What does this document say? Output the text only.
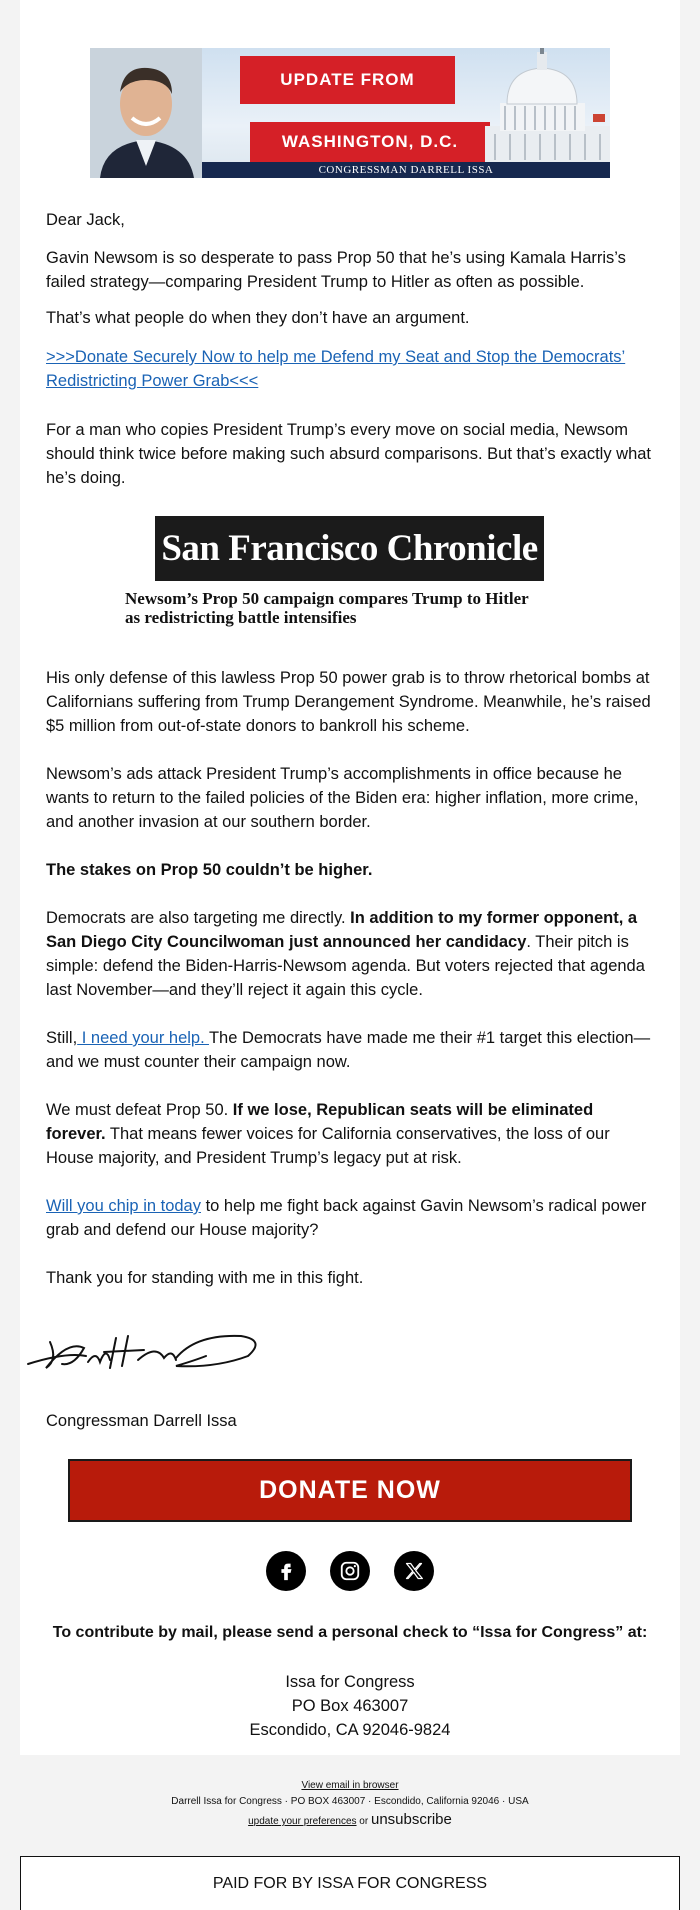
UPDATE FROM
WASHINGTON, D.C.
CONGRESSMAN DARRELL ISSA
Dear Jack,

Gavin Newsom is so desperate to pass Prop 50 that he’s using Kamala Harris’s failed strategy—comparing President Trump to Hitler as often as possible.

That’s what people do when they don’t have an argument.
>>>Donate Securely Now to help me Defend my Seat and Stop the Democrats’ Redistricting Power Grab<<<
For a man who copies President Trump’s every move on social media, Newsom should think twice before making such absurd comparisons. But that’s exactly what he’s doing.
San Francisco Chronicle
Newsom’s Prop 50 campaign compares Trump to Hitler
as redistricting battle intensifies
His only defense of this lawless Prop 50 power grab is to throw rhetorical bombs at Californians suffering from Trump Derangement Syndrome. Meanwhile, he’s raised $5 million from out-of-state donors to bankroll his scheme.
Newsom’s ads attack President Trump’s accomplishments in office because he wants to return to the failed policies of the Biden era: higher inflation, more crime, and another invasion at our southern border.
The stakes on Prop 50 couldn’t be higher.
Democrats are also targeting me directly. In addition to my former opponent, a San Diego City Councilwoman just announced her candidacy. Their pitch is simple: defend the Biden-Harris-Newsom agenda. But voters rejected that agenda last November—and they’ll reject it again this cycle.
Still, I need your help. The Democrats have made me their #1 target this election—and we must counter their campaign now.
We must defeat Prop 50. If we lose, Republican seats will be eliminated forever. That means fewer voices for California conservatives, the loss of our House majority, and President Trump’s legacy put at risk.
Will you chip in today to help me fight back against Gavin Newsom’s radical power grab and defend our House majority?
Thank you for standing with me in this fight.
Congressman Darrell Issa
DONATE NOW
To contribute by mail, please send a personal check to “Issa for Congress” at:
Issa for Congress
PO Box 463007
Escondido, CA 92046-9824
View email in browser
Darrell Issa for Congress · PO BOX 463007 · Escondido, California 92046 · USA
update your preferences or unsubscribe
PAID FOR BY ISSA FOR CONGRESS
